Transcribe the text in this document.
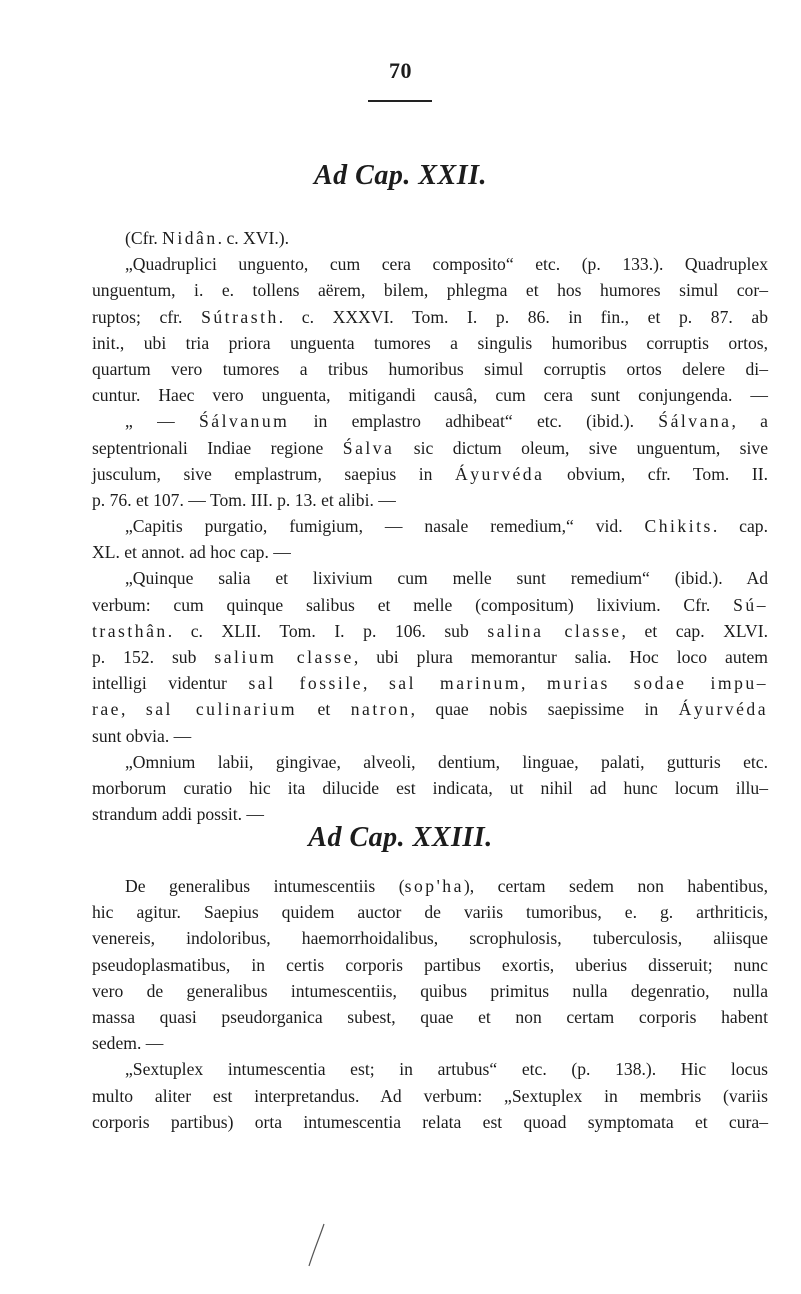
70
Ad Cap. XXII.
(Cfr. Nidân. c. XVI.).
„Quadruplici unguento, cum cera composito“ etc. (p. 133.). Quadruplex
unguentum, i. e. tollens aërem, bilem, phlegma et hos humores simul cor–
ruptos; cfr. Sútrasth. c. XXXVI. Tom. I. p. 86. in fin., et p. 87. ab
init., ubi tria priora unguenta tumores a singulis humoribus corruptis ortos,
quartum vero tumores a tribus humoribus simul corruptis ortos delere di–
cuntur. Haec vero unguenta, mitigandi causâ, cum cera sunt conjungenda. —
„ — Śálvanum in emplastro adhibeat“ etc. (ibid.). Śálvana, a
septentrionali Indiae regione Śalva sic dictum oleum, sive unguentum, sive
jusculum, sive emplastrum, saepius in Áyurvéda obvium, cfr. Tom. II.
p. 76. et 107. — Tom. III. p. 13. et alibi. —
„Capitis purgatio, fumigium, — nasale remedium,“ vid. Chikits. cap.
XL. et annot. ad hoc cap. —
„Quinque salia et lixivium cum melle sunt remedium“ (ibid.). Ad
verbum: cum quinque salibus et melle (compositum) lixivium. Cfr. Sú–
trasthân. c. XLII. Tom. I. p. 106. sub salina classe, et cap. XLVI.
p. 152. sub salium classe, ubi plura memorantur salia. Hoc loco autem
intelligi videntur sal fossile, sal marinum, murias sodae impu–
rae, sal culinarium et natron, quae nobis saepissime in Áyurvéda
sunt obvia. —
„Omnium labii, gingivae, alveoli, dentium, linguae, palati, gutturis etc.
morborum curatio hic ita dilucide est indicata, ut nihil ad hunc locum illu–
strandum addi possit. —
Ad Cap. XXIII.
De generalibus intumescentiis (sop'ha), certam sedem non habentibus,
hic agitur. Saepius quidem auctor de variis tumoribus, e. g. arthriticis,
venereis, indoloribus, haemorrhoidalibus, scrophulosis, tuberculosis, aliisque
pseudoplasmatibus, in certis corporis partibus exortis, uberius disseruit; nunc
vero de generalibus intumescentiis, quibus primitus nulla degenratio, nulla
massa quasi pseudorganica subest, quae et non certam corporis habent
sedem. —
„Sextuplex intumescentia est; in artubus“ etc. (p. 138.). Hic locus
multo aliter est interpretandus. Ad verbum: „Sextuplex in membris (variis
corporis partibus) orta intumescentia relata est quoad symptomata et cura–
